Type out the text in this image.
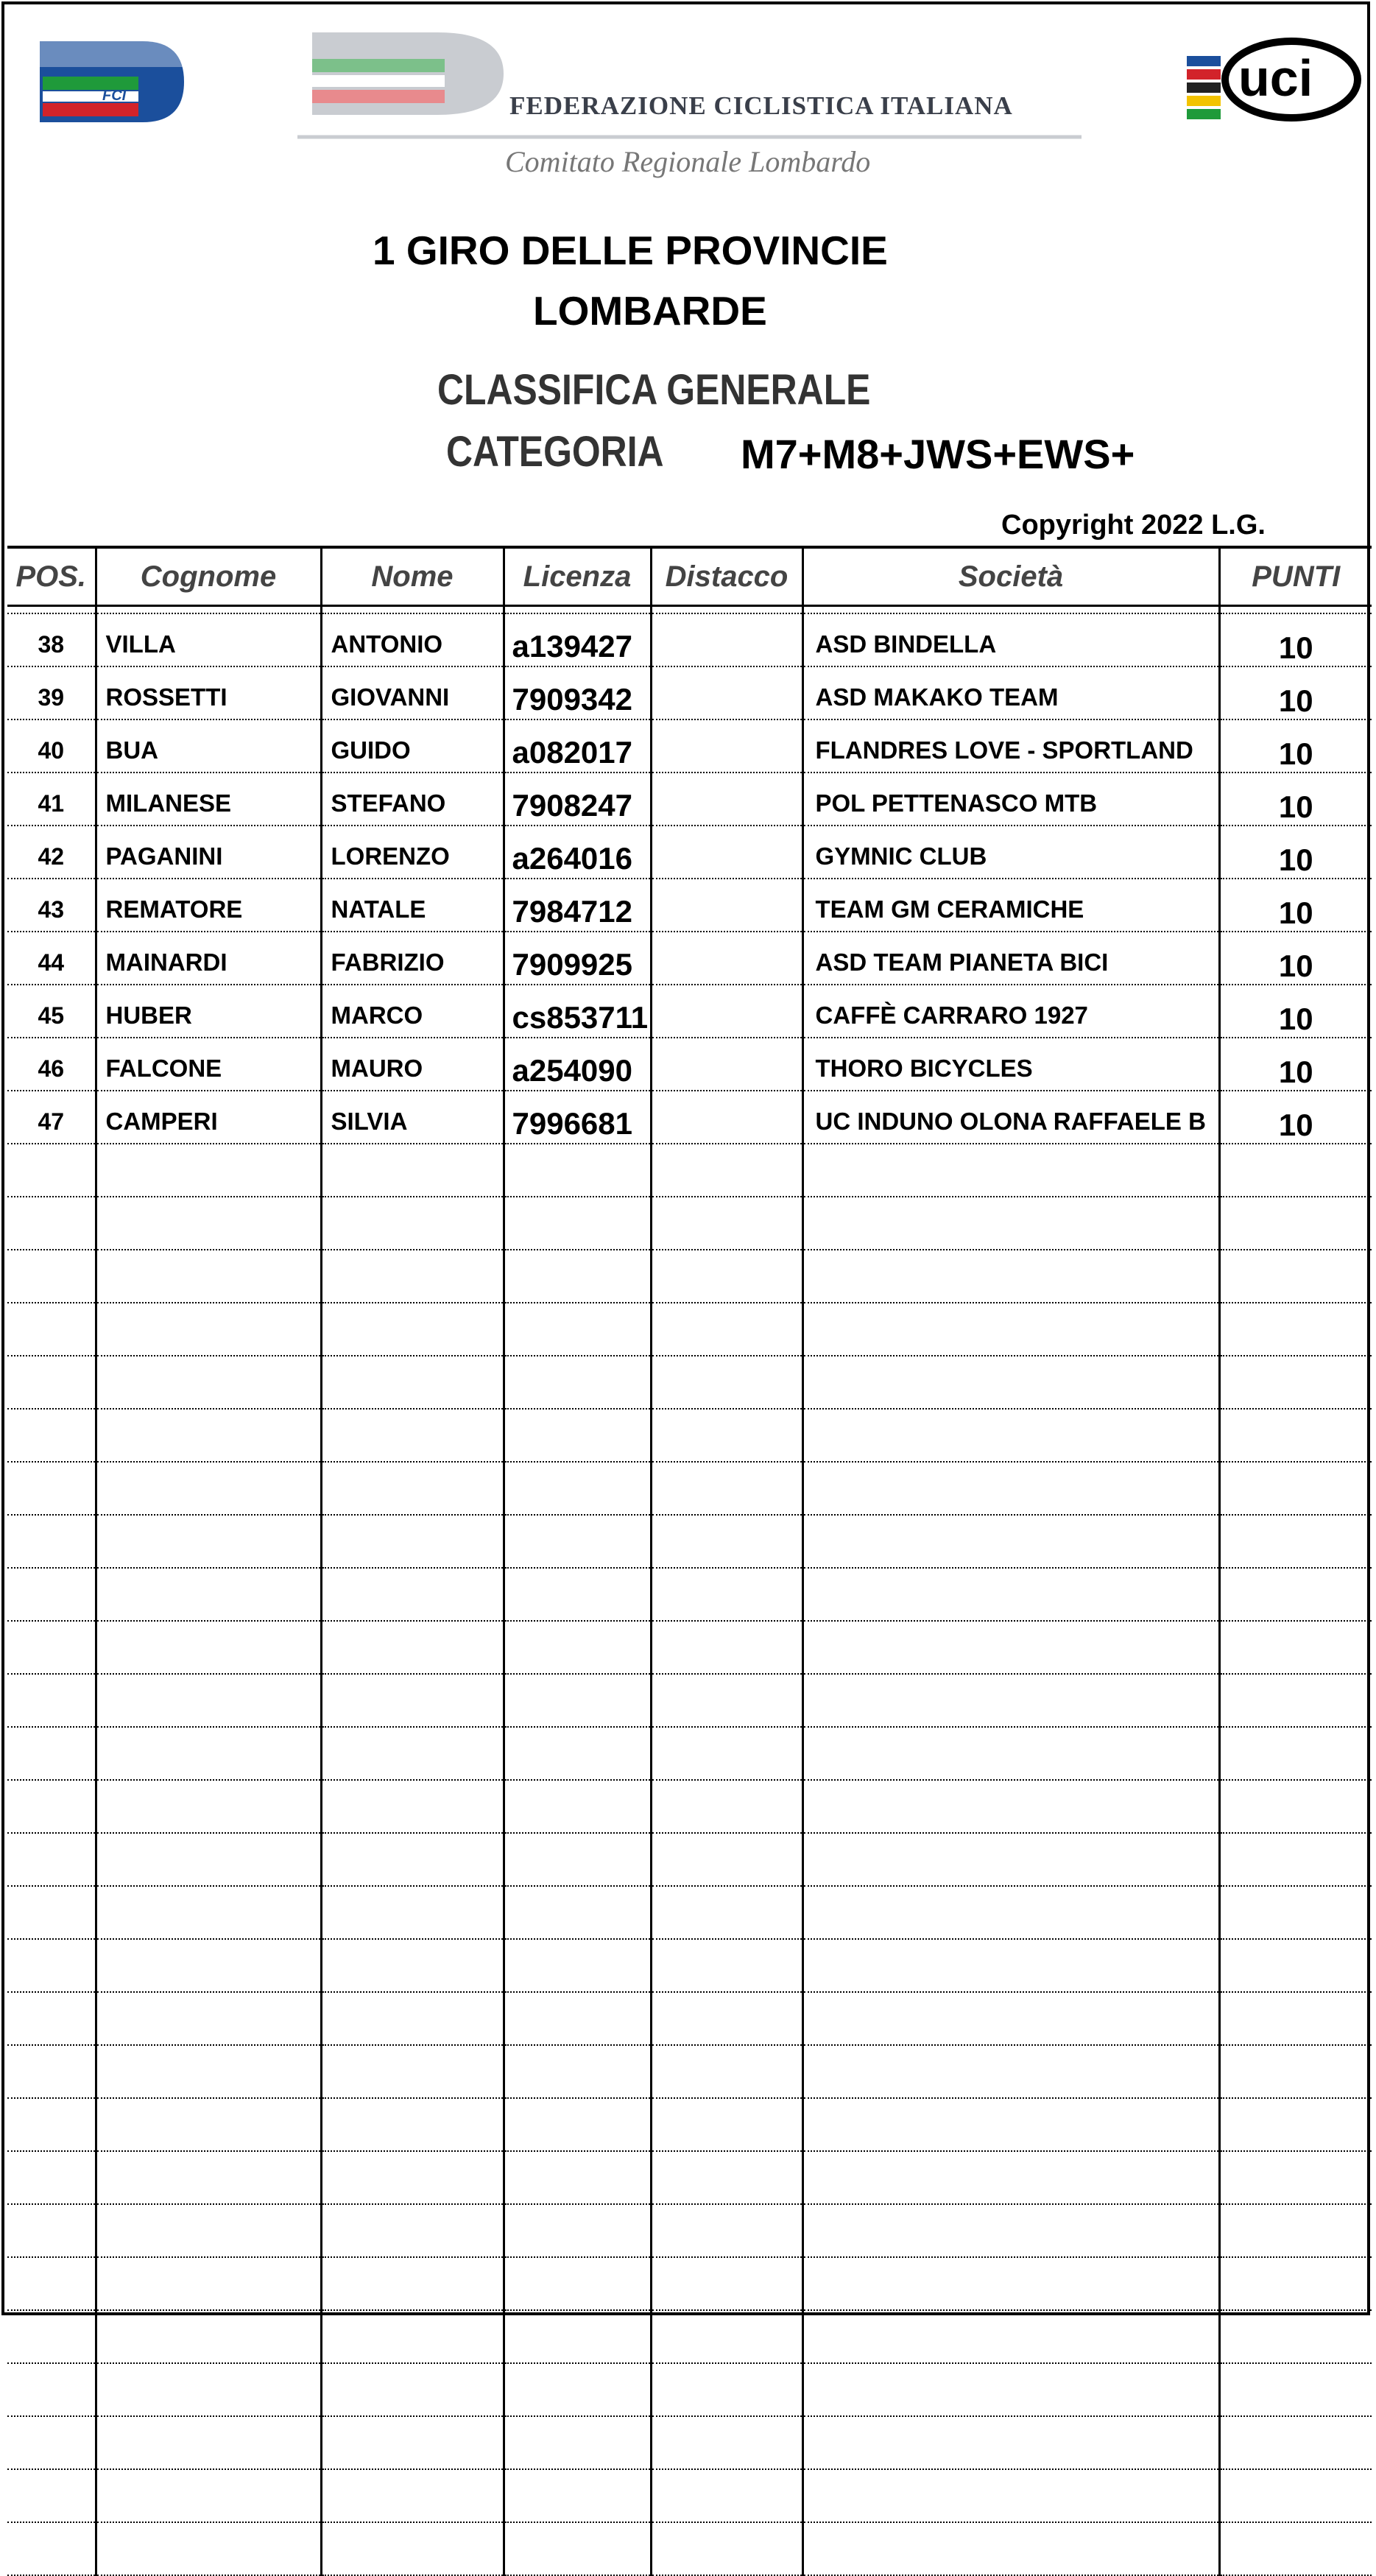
FCI	FEDERAZIONE CICLISTICA ITALIANA
Comitato Regionale Lombardo
uci
1 GIRO DELLE PROVINCIE
LOMBARDE
CLASSIFICA GENERALE
CATEGORIA M7+M8+JWS+EWS+
Copyright 2022 L.G.
POS.	Cognome	Nome	Licenza	Distacco	Società	PUNTI

38	VILLA	ANTONIO	a139427		ASD BINDELLA	10
39	ROSSETTI	GIOVANNI	7909342		ASD MAKAKO TEAM	10
40	BUA	GUIDO	a082017		FLANDRES LOVE - SPORTLAND	10
41	MILANESE	STEFANO	7908247		POL PETTENASCO MTB	10
42	PAGANINI	LORENZO	a264016		GYMNIC CLUB	10
43	REMATORE	NATALE	7984712		TEAM GM CERAMICHE	10
44	MAINARDI	FABRIZIO	7909925		ASD TEAM PIANETA BICI	10
45	HUBER	MARCO	cs853711		CAFFÈ CARRARO 1927	10
46	FALCONE	MAURO	a254090		THORO BICYCLES	10
47	CAMPERI	SILVIA	7996681		UC INDUNO OLONA RAFFAELE B	10
